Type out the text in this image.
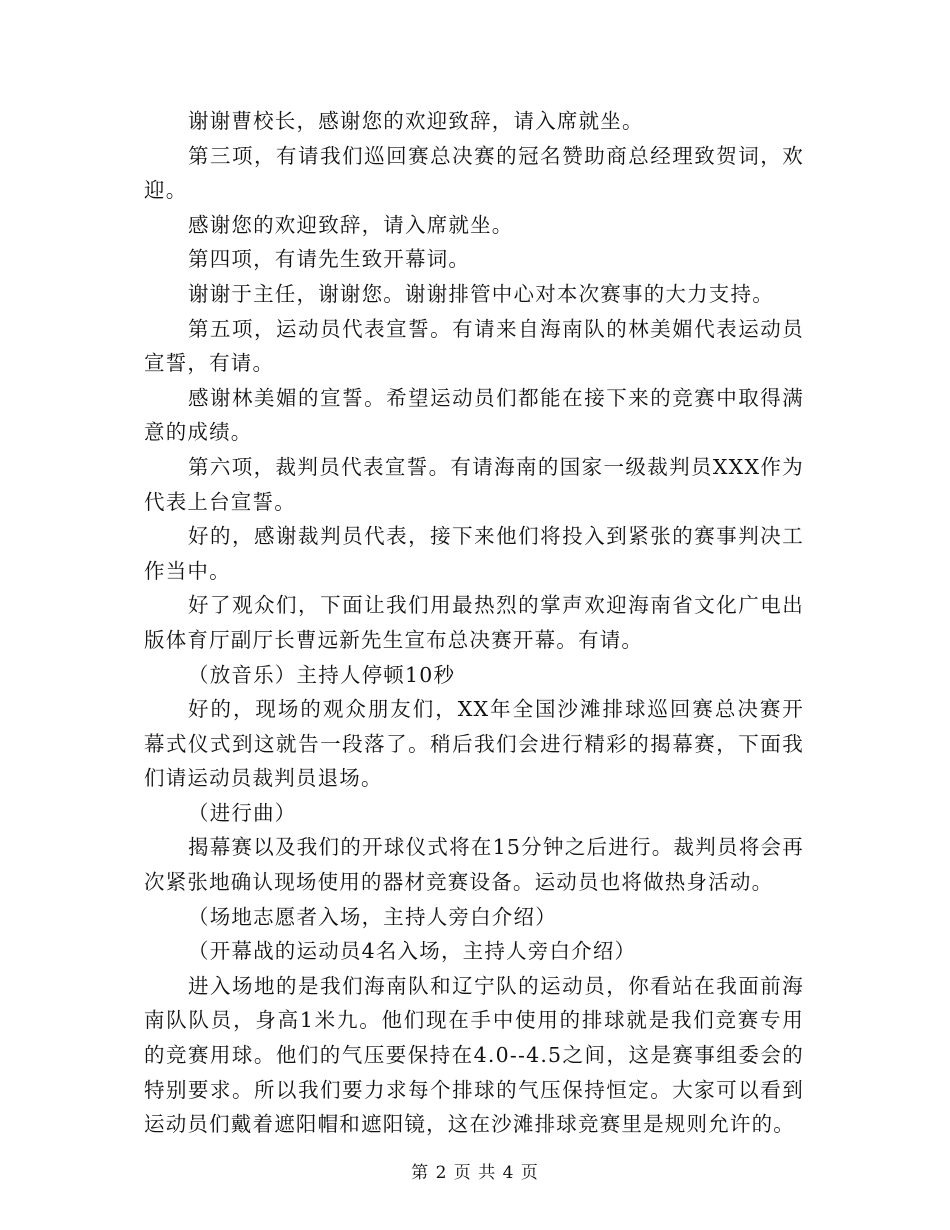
谢谢曹校长，感谢您的欢迎致辞，请入席就坐。

第三项，有请我们巡回赛总决赛的冠名赞助商总经理致贺词，欢迎。

感谢您的欢迎致辞，请入席就坐。

第四项，有请先生致开幕词。

谢谢于主任，谢谢您。谢谢排管中心对本次赛事的大力支持。

第五项，运动员代表宣誓。有请来自海南队的林美媚代表运动员宣誓，有请。

感谢林美媚的宣誓。希望运动员们都能在接下来的竞赛中取得满意的成绩。

第六项，裁判员代表宣誓。有请海南的国家一级裁判员XXX作为代表上台宣誓。

好的，感谢裁判员代表，接下来他们将投入到紧张的赛事判决工作当中。

好了观众们，下面让我们用最热烈的掌声欢迎海南省文化广电出版体育厅副厅长曹远新先生宣布总决赛开幕。有请。

（放音乐）主持人停顿10秒

好的，现场的观众朋友们，XX年全国沙滩排球巡回赛总决赛开幕式仪式到这就告一段落了。稍后我们会进行精彩的揭幕赛，下面我们请运动员裁判员退场。

（进行曲）

揭幕赛以及我们的开球仪式将在15分钟之后进行。裁判员将会再次紧张地确认现场使用的器材竞赛设备。运动员也将做热身活动。

（场地志愿者入场，主持人旁白介绍）

（开幕战的运动员4名入场，主持人旁白介绍）

进入场地的是我们海南队和辽宁队的运动员，你看站在我面前海南队队员，身高1米九。他们现在手中使用的排球就是我们竞赛专用的竞赛用球。他们的气压要保持在4.0--4.5之间，这是赛事组委会的特别要求。所以我们要力求每个排球的气压保持恒定。大家可以看到运动员们戴着遮阳帽和遮阳镜，这在沙滩排球竞赛里是规则允许的。

第 2 页 共 4 页
